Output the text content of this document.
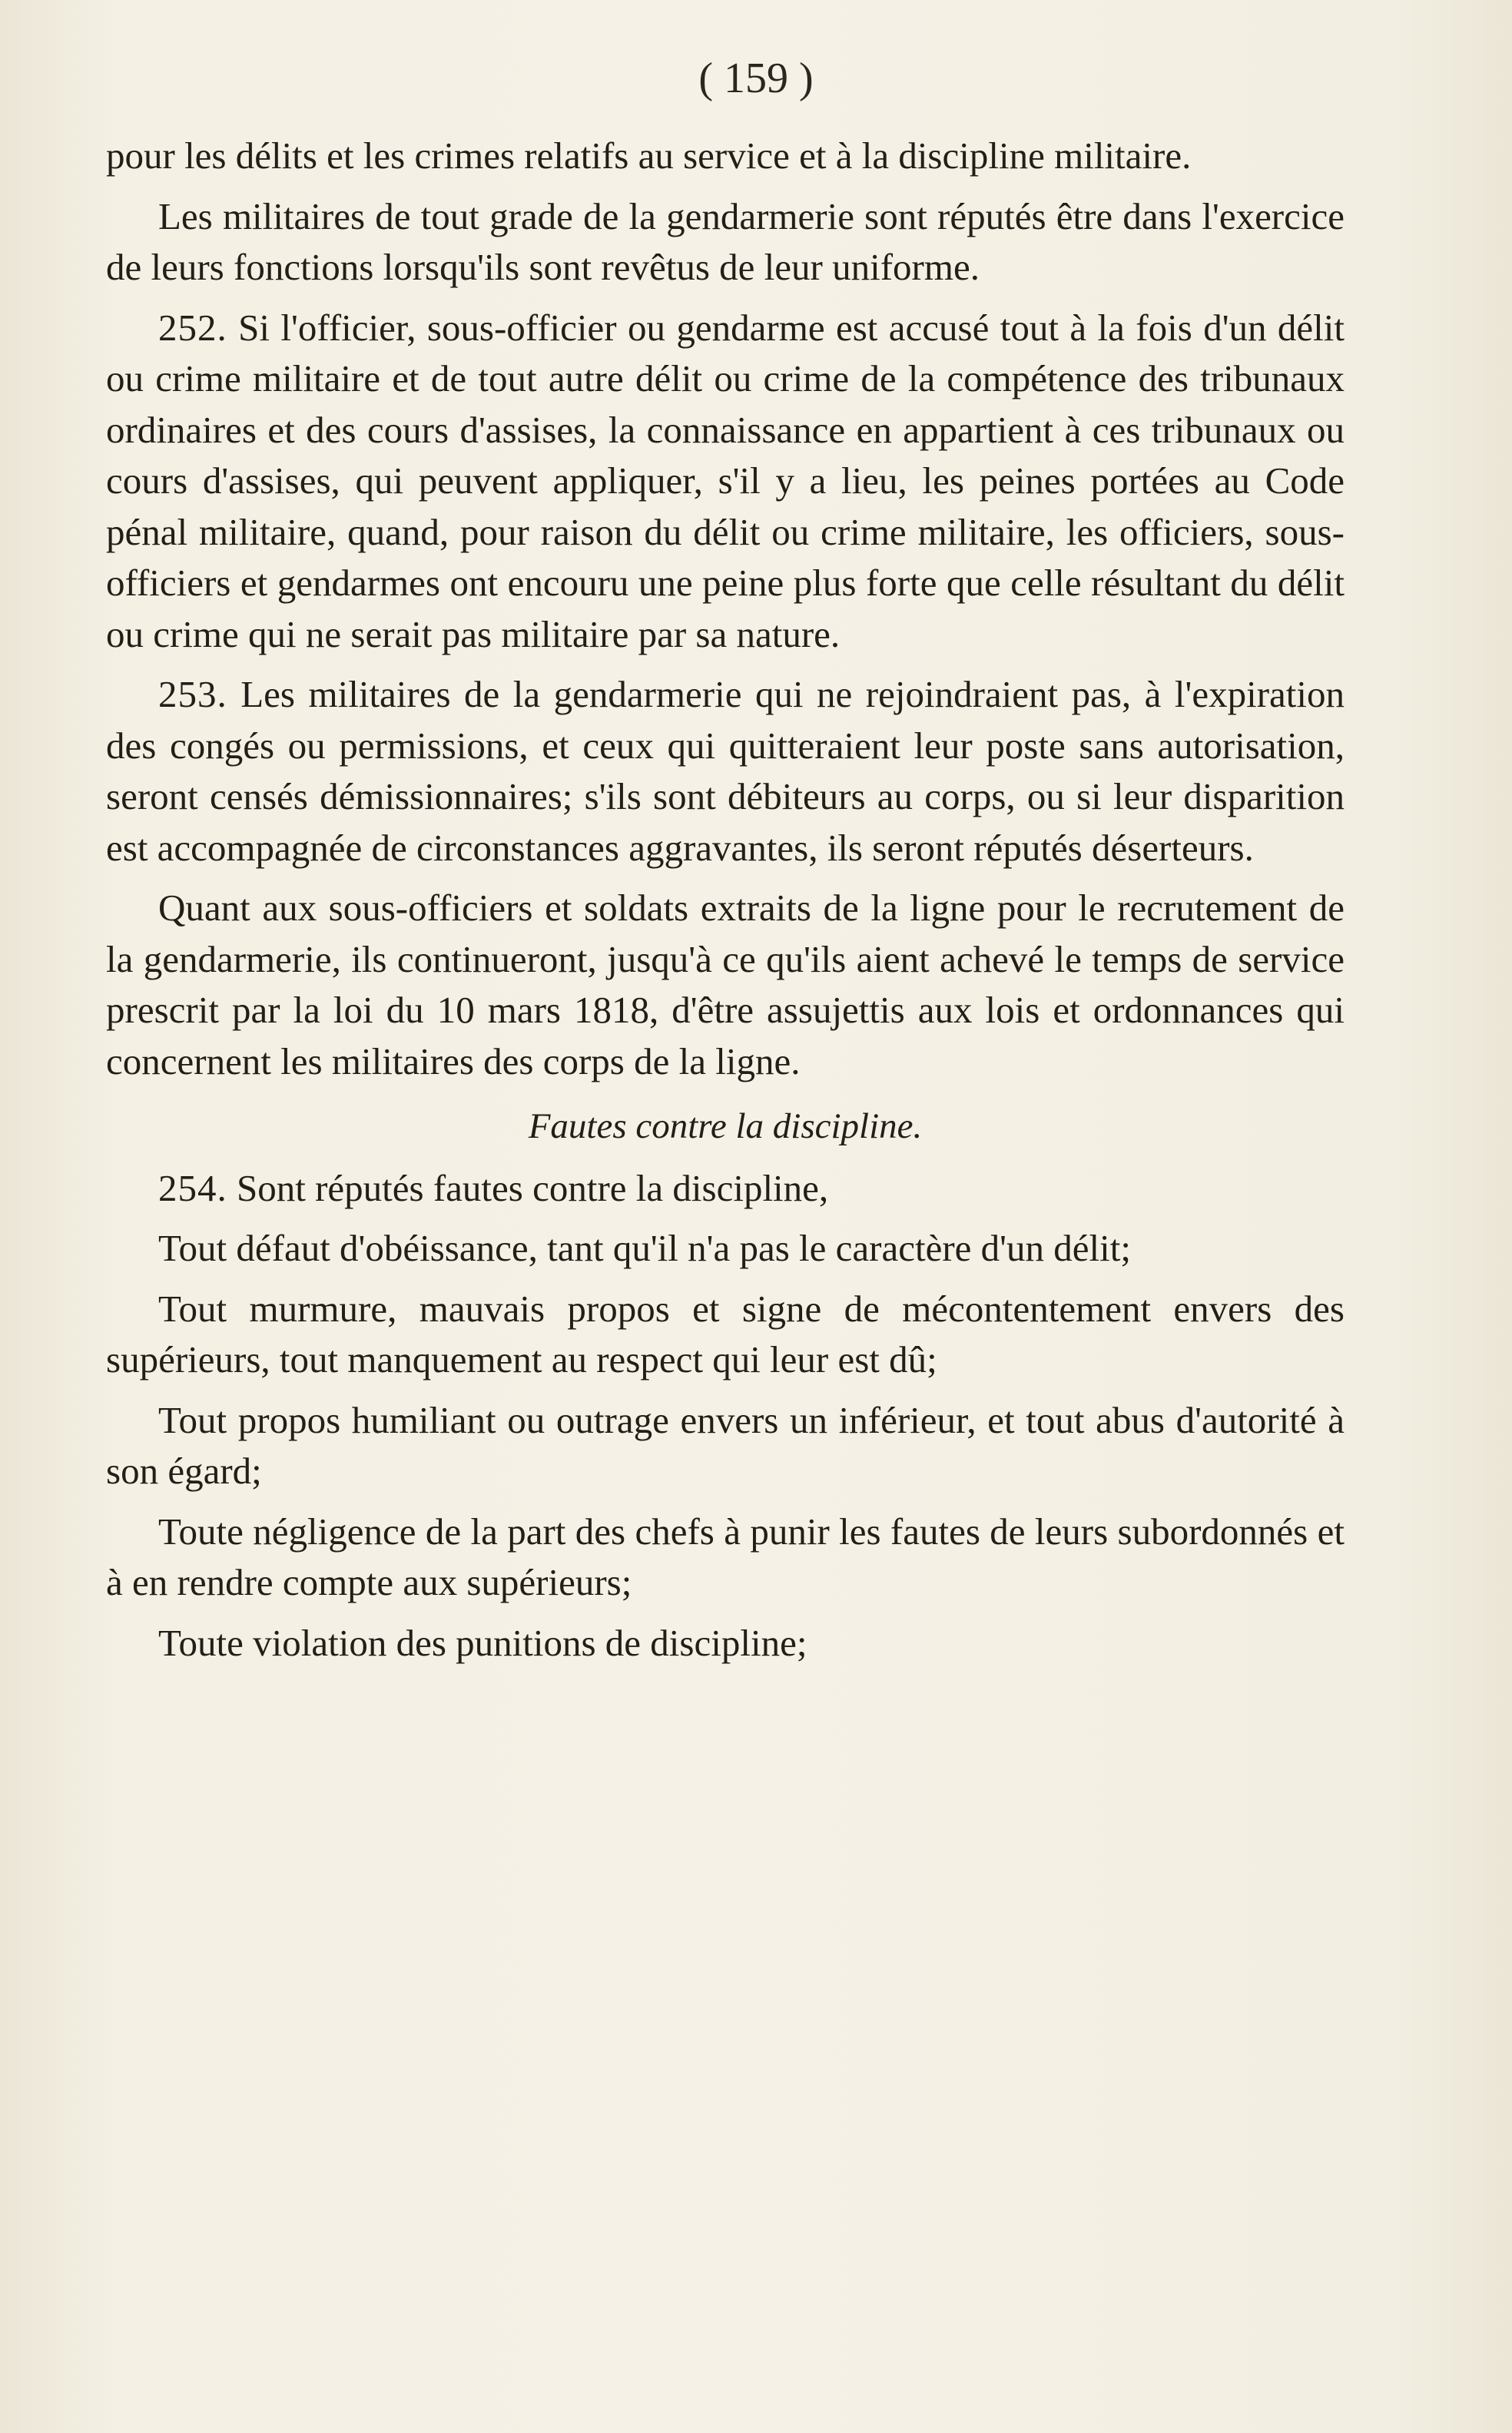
( 159 )

pour les délits et les crimes relatifs au service et à la discipline militaire.

Les militaires de tout grade de la gendarmerie sont réputés être dans l'exercice de leurs fonctions lorsqu'ils sont revêtus de leur uniforme.

252. Si l'officier, sous-officier ou gendarme est accusé tout à la fois d'un délit ou crime militaire et de tout autre délit ou crime de la compétence des tribunaux ordinaires et des cours d'assises, la connaissance en appartient à ces tribunaux ou cours d'assises, qui peuvent appliquer, s'il y a lieu, les peines portées au Code pénal militaire, quand, pour raison du délit ou crime militaire, les officiers, sous-officiers et gendarmes ont encouru une peine plus forte que celle résultant du délit ou crime qui ne serait pas militaire par sa nature.

253. Les militaires de la gendarmerie qui ne rejoindraient pas, à l'expiration des congés ou permissions, et ceux qui quitteraient leur poste sans autorisation, seront censés démissionnaires; s'ils sont débiteurs au corps, ou si leur disparition est accompagnée de circonstances aggravantes, ils seront réputés déserteurs.

Quant aux sous-officiers et soldats extraits de la ligne pour le recrutement de la gendarmerie, ils continueront, jusqu'à ce qu'ils aient achevé le temps de service prescrit par la loi du 10 mars 1818, d'être assujettis aux lois et ordonnances qui concernent les militaires des corps de la ligne.

Fautes contre la discipline.

254. Sont réputés fautes contre la discipline,

Tout défaut d'obéissance, tant qu'il n'a pas le caractère d'un délit;

Tout murmure, mauvais propos et signe de mécontentement envers des supérieurs, tout manquement au respect qui leur est dû;

Tout propos humiliant ou outrage envers un inférieur, et tout abus d'autorité à son égard;

Toute négligence de la part des chefs à punir les fautes de leurs subordonnés et à en rendre compte aux supérieurs;

Toute violation des punitions de discipline;
